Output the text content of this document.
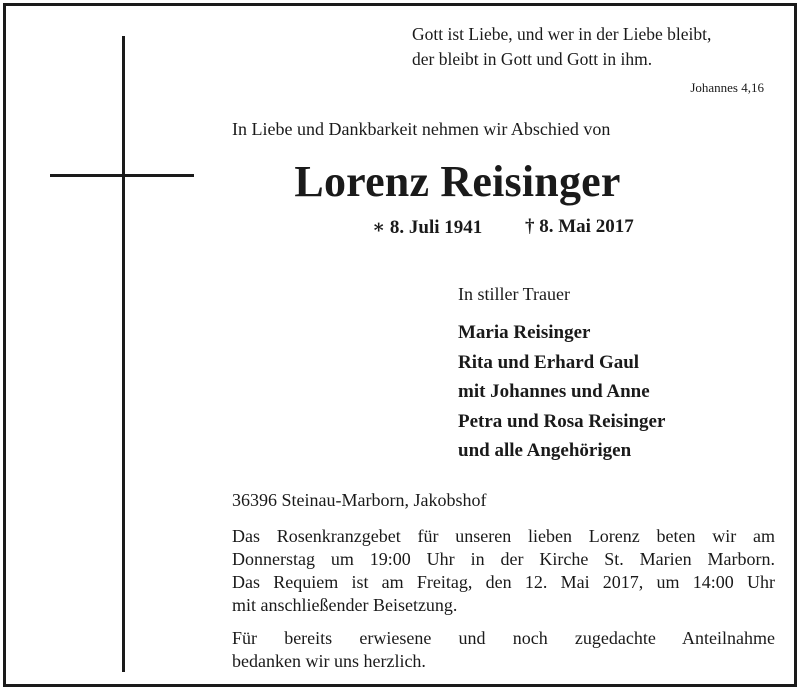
Gott ist Liebe, und wer in der Liebe bleibt,
der bleibt in Gott und Gott in ihm.
Johannes 4,16
In Liebe und Dankbarkeit nehmen wir Abschied von
Lorenz Reisinger
∗ 8. Juli 1941 † 8. Mai 2017
In stiller Trauer
Maria Reisinger
Rita und Erhard Gaul
mit Johannes und Anne
Petra und Rosa Reisinger
und alle Angehörigen
36396 Steinau-Marborn, Jakobshof
Das Rosenkranzgebet für unseren lieben Lorenz beten wir am
Donnerstag um 19:00 Uhr in der Kirche St. Marien Marborn.
Das Requiem ist am Freitag, den 12. Mai 2017, um 14:00 Uhr
mit anschließender Beisetzung.
Für bereits erwiesene und noch zugedachte Anteilnahme
bedanken wir uns herzlich.
